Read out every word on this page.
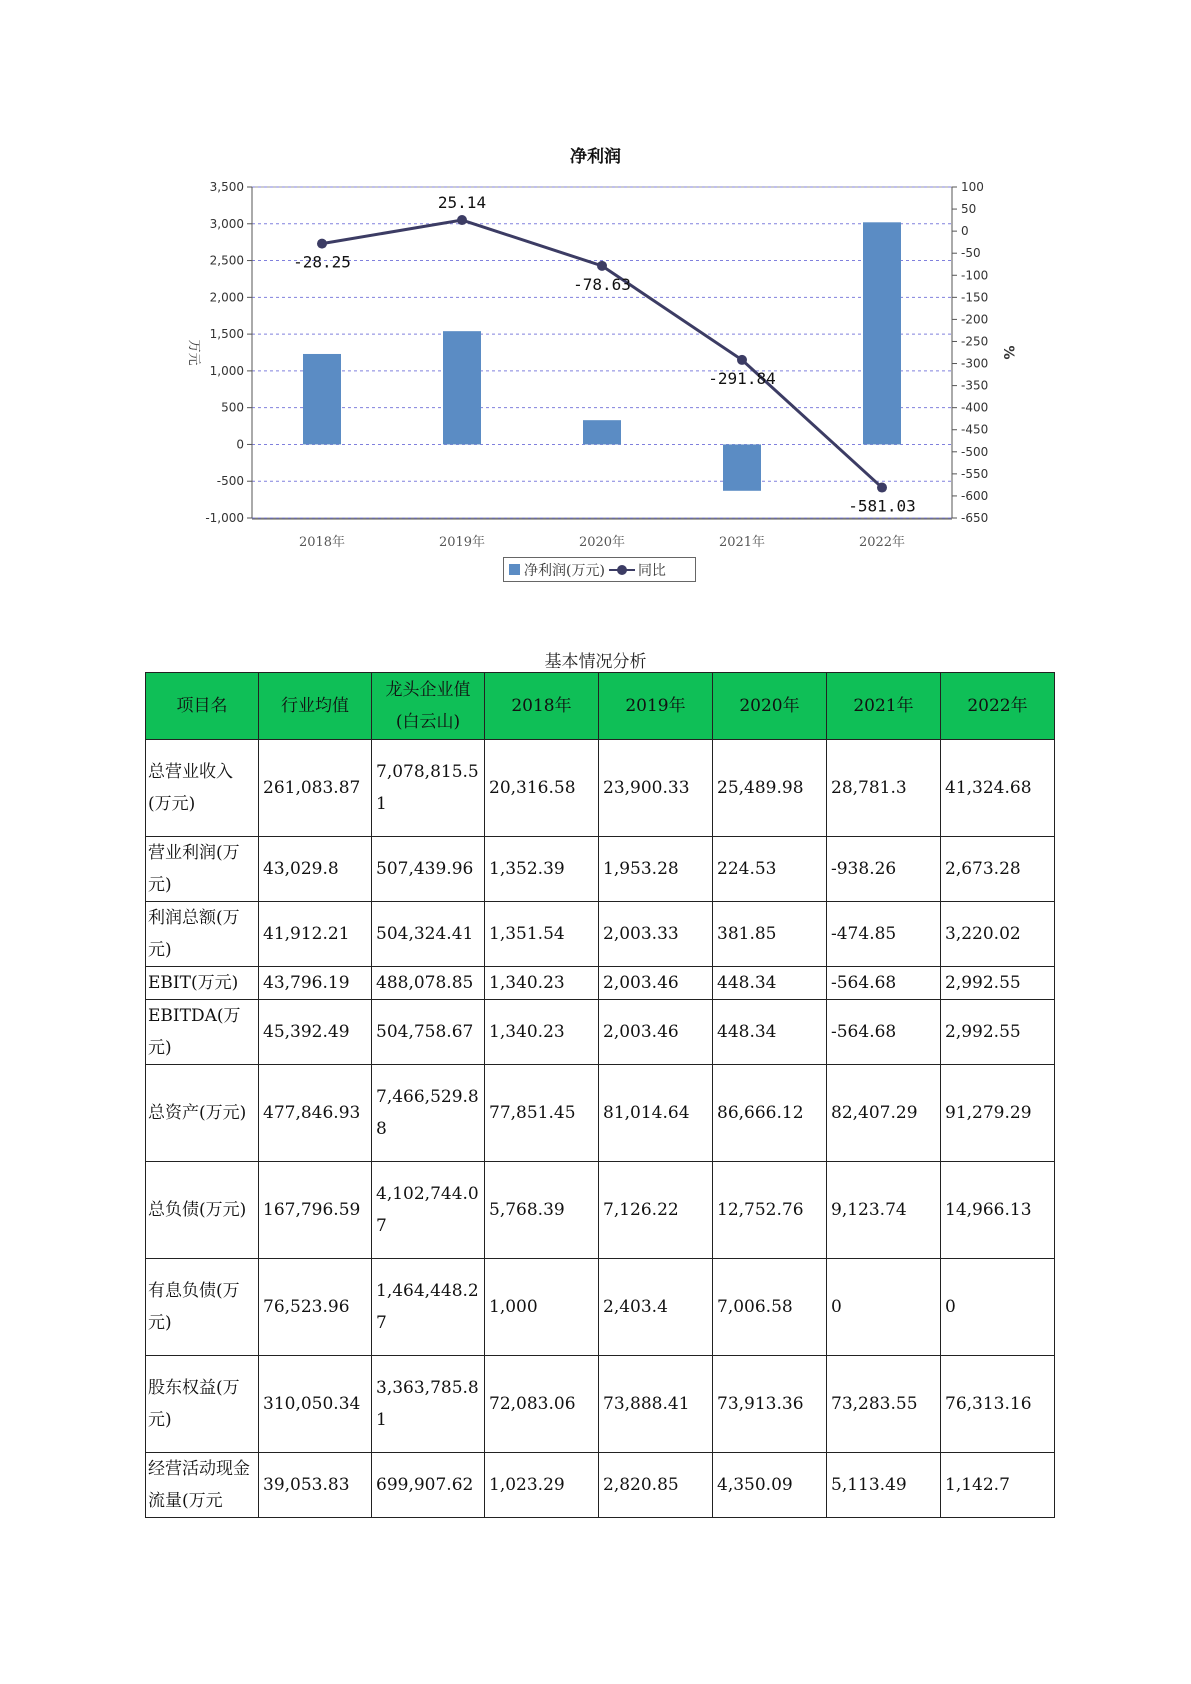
净利润
-1,000
-500
0
500
1,000
1,500
2,000
2,500
3,000
3,500
-650
-600
-550
-500
-450
-400
-350
-300
-250
-200
-150
-100
-50
0
50
100
万元	%
2018年	2019年	2020年	2021年	2022年
-28.25
25.14
-78.63
-291.84
-581.03
净利润(万元) 同比
基本情况分析
项目名	行业均值	龙头企业值(白云山)	2018年	2019年	2020年	2021年	2022年
总营业收入(万元)	261,083.87	7,078,815.51	20,316.58	23,900.33	25,489.98	28,781.3	41,324.68
营业利润(万元)	43,029.8	507,439.96	1,352.39	1,953.28	224.53	-938.26	2,673.28
利润总额(万元)	41,912.21	504,324.41	1,351.54	2,003.33	381.85	-474.85	3,220.02
EBIT(万元)	43,796.19	488,078.85	1,340.23	2,003.46	448.34	-564.68	2,992.55
EBITDA(万元)	45,392.49	504,758.67	1,340.23	2,003.46	448.34	-564.68	2,992.55
总资产(万元)	477,846.93	7,466,529.88	77,851.45	81,014.64	86,666.12	82,407.29	91,279.29
总负债(万元)	167,796.59	4,102,744.07	5,768.39	7,126.22	12,752.76	9,123.74	14,966.13
有息负债(万元)	76,523.96	1,464,448.27	1,000	2,403.4	7,006.58	0	0
股东权益(万元)	310,050.34	3,363,785.81	72,083.06	73,888.41	73,913.36	73,283.55	76,313.16
经营活动现金流量(万元	39,053.83	699,907.62	1,023.29	2,820.85	4,350.09	5,113.49	1,142.7
